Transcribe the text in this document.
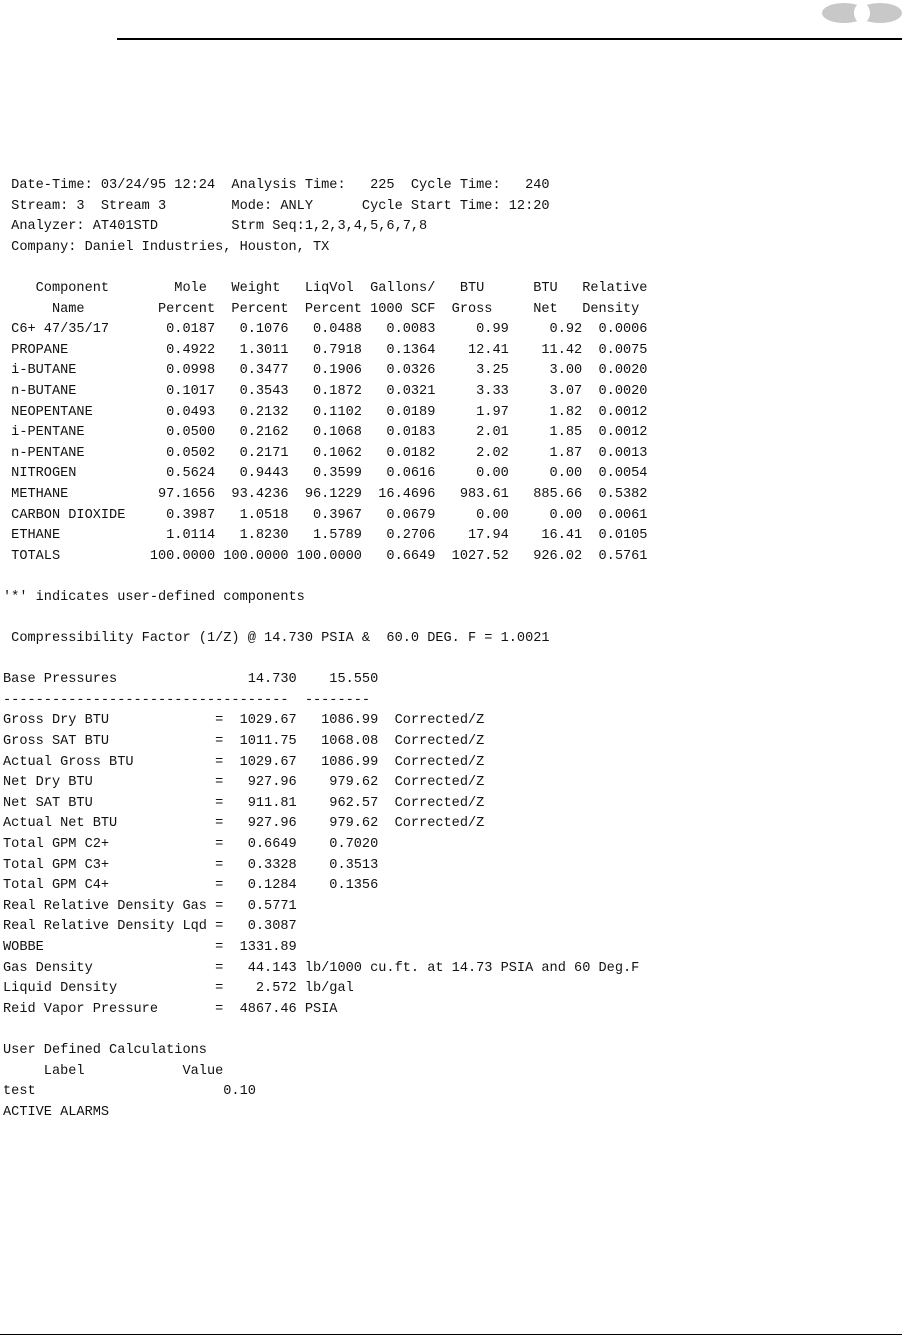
Date-Time: 03/24/95 12:24  Analysis Time:   225  Cycle Time:   240
Stream: 3  Stream 3        Mode: ANLY      Cycle Start Time: 12:20
Analyzer: AT401STD         Strm Seq:1,2,3,4,5,6,7,8
Company: Daniel Industries, Houston, TX
Component        Mole   Weight   LiqVol  Gallons/   BTU      BTU   Relative
Name         Percent  Percent  Percent 1000 SCF  Gross     Net   Density
C6+ 47/35/17       0.0187   0.1076   0.0488   0.0083     0.99     0.92  0.0006
PROPANE            0.4922   1.3011   0.7918   0.1364    12.41    11.42  0.0075
i-BUTANE           0.0998   0.3477   0.1906   0.0326     3.25     3.00  0.0020
n-BUTANE           0.1017   0.3543   0.1872   0.0321     3.33     3.07  0.0020
NEOPENTANE         0.0493   0.2132   0.1102   0.0189     1.97     1.82  0.0012
i-PENTANE          0.0500   0.2162   0.1068   0.0183     2.01     1.85  0.0012
n-PENTANE          0.0502   0.2171   0.1062   0.0182     2.02     1.87  0.0013
NITROGEN           0.5624   0.9443   0.3599   0.0616     0.00     0.00  0.0054
METHANE           97.1656  93.4236  96.1229  16.4696   983.61   885.66  0.5382
CARBON DIOXIDE     0.3987   1.0518   0.3967   0.0679     0.00     0.00  0.0061
ETHANE             1.0114   1.8230   1.5789   0.2706    17.94    16.41  0.0105
TOTALS           100.0000 100.0000 100.0000   0.6649  1027.52   926.02  0.5761
'*' indicates user-defined components
Compressibility Factor (1/Z) @ 14.730 PSIA &  60.0 DEG. F = 1.0021
Base Pressures                14.730    15.550
-----------------------------------  --------
Gross Dry BTU             =  1029.67   1086.99  Corrected/Z
Gross SAT BTU             =  1011.75   1068.08  Corrected/Z
Actual Gross BTU          =  1029.67   1086.99  Corrected/Z
Net Dry BTU               =   927.96    979.62  Corrected/Z
Net SAT BTU               =   911.81    962.57  Corrected/Z
Actual Net BTU            =   927.96    979.62  Corrected/Z
Total GPM C2+             =   0.6649    0.7020
Total GPM C3+             =   0.3328    0.3513
Total GPM C4+             =   0.1284    0.1356
Real Relative Density Gas =   0.5771
Real Relative Density Lqd =   0.3087
WOBBE                     =  1331.89
Gas Density               =   44.143 lb/1000 cu.ft. at 14.73 PSIA and 60 Deg.F
Liquid Density            =    2.572 lb/gal
Reid Vapor Pressure       =  4867.46 PSIA
User Defined Calculations
Label            Value
test                       0.10
ACTIVE ALARMS
